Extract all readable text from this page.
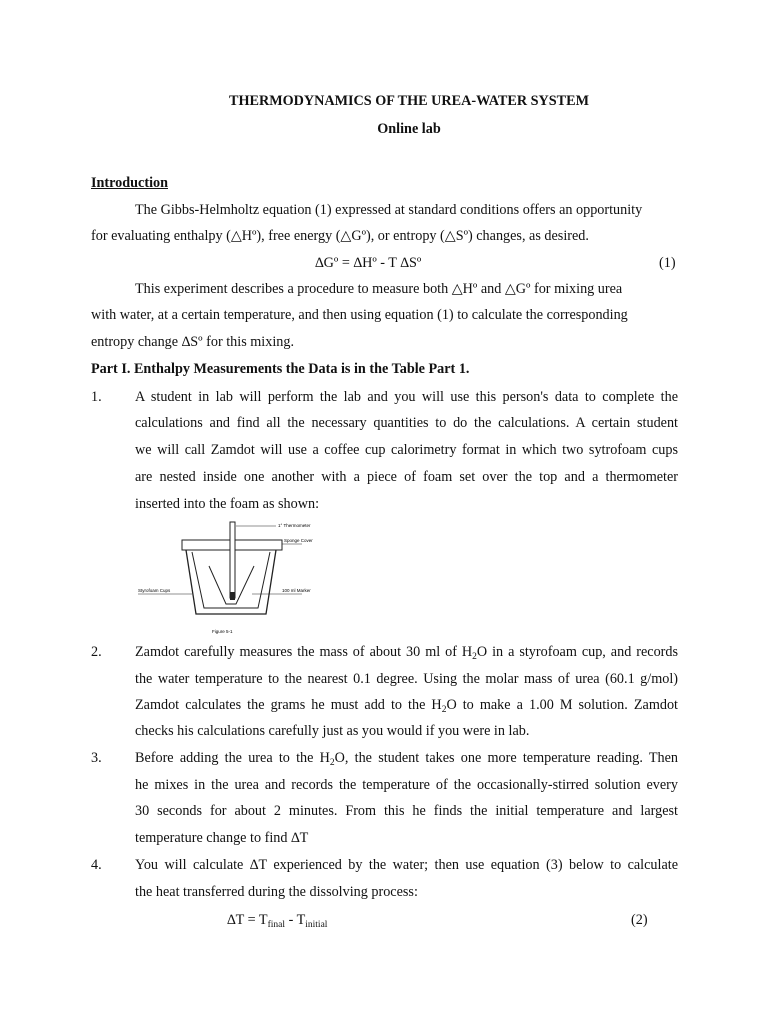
THERMODYNAMICS OF THE UREA-WATER SYSTEM
Online lab
Introduction
The Gibbs-Helmholtz equation (1) expressed at standard conditions offers an opportunity
for evaluating enthalpy (△Hº), free energy (△Gº), or entropy (△Sº) changes, as desired.
∆Gº = ∆Hº - T ∆Sº	(1)
This experiment describes a procedure to measure both △Hº and △Gº for mixing urea
with water, at a certain temperature, and then using equation (1) to calculate the corresponding
entropy change ∆Sº for this mixing.
Part I. Enthalpy Measurements the Data is in the Table Part 1.
1. A student in lab will perform the lab and you will use this person's data to complete the
calculations and find all the necessary quantities to do the calculations. A certain student
we will call Zamdot will use a coffee cup calorimetry format in which two sytrofoam cups
are nested inside one another with a piece of foam set over the top and a thermometer
inserted into the foam as shown:
1° Thermometer
Sponge Cover
Styrofoam Cups	100 ml Marker
Figure 5-1
2. Zamdot carefully measures the mass of about 30 ml of $H_2O$ in a styrofoam cup, and records
the water temperature to the nearest 0.1 degree. Using the molar mass of urea (60.1 g/mol)
Zamdot calculates the grams he must add to the $H_2O$ to make a 1.00 M solution. Zamdot
checks his calculations carefully just as you would if you were in lab.
3. Before adding the urea to the $H_2O$, the student takes one more temperature reading. Then
he mixes in the urea and records the temperature of the occasionally-stirred solution every
30 seconds for about 2 minutes. From this he finds the initial temperature and largest
temperature change to find ∆T
4. You will calculate ∆T experienced by the water; then use equation (3) below to calculate
the heat transferred during the dissolving process:
$\Delta T = T_{final} - T_{initial}$	(2)
